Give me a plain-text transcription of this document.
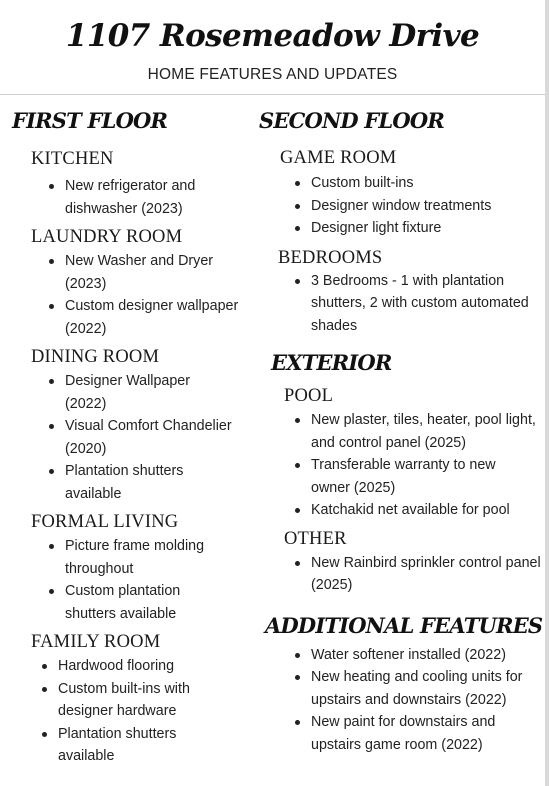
1107 Rosemeadow Drive
HOME FEATURES AND UPDATES
FIRST FLOOR
KITCHEN
New refrigerator and dishwasher (2023)
LAUNDRY ROOM
New Washer and Dryer (2023)
Custom designer wallpaper (2022)
DINING ROOM
Designer Wallpaper (2022)
Visual Comfort Chandelier (2020)
Plantation shutters available
FORMAL LIVING
Picture frame molding throughout
Custom plantation shutters available
FAMILY ROOM
Hardwood flooring
Custom built-ins with designer hardware
Plantation shutters available
SECOND FLOOR
GAME ROOM
Custom built-ins
Designer window treatments
Designer light fixture
BEDROOMS
3 Bedrooms - 1 with plantation shutters, 2 with custom automated shades
EXTERIOR
POOL
New plaster, tiles, heater, pool light, and control panel (2025)
Transferable warranty to new owner (2025)
Katchakid net available for pool
OTHER
New Rainbird sprinkler control panel (2025)
ADDITIONAL FEATURES
Water softener installed (2022)
New heating and cooling units for upstairs and downstairs (2022)
New paint for downstairs and upstairs game room (2022)
